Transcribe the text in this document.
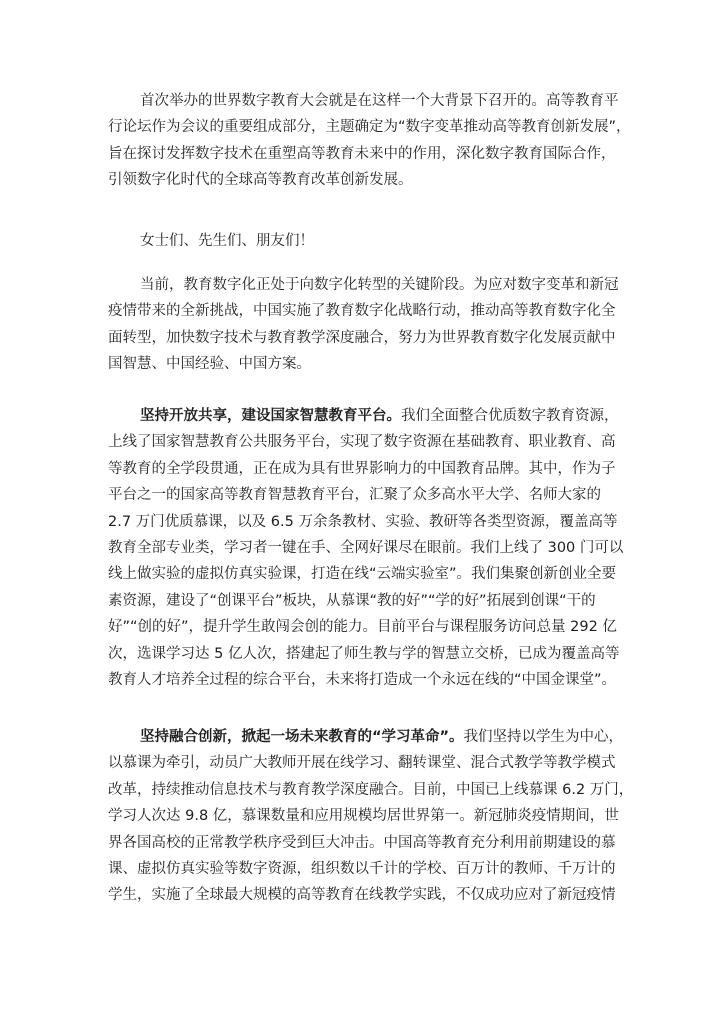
首次举办的世界数字教育大会就是在这样一个大背景下召开的。高等教育平
行论坛作为会议的重要组成部分，主题确定为“数字变革推动高等教育创新发展”，
旨在探讨发挥数字技术在重塑高等教育未来中的作用，深化数字教育国际合作，
引领数字化时代的全球高等教育改革创新发展。
女士们、先生们、朋友们！
当前，教育数字化正处于向数字化转型的关键阶段。为应对数字变革和新冠
疫情带来的全新挑战，中国实施了教育数字化战略行动，推动高等教育数字化全
面转型，加快数字技术与教育教学深度融合，努力为世界教育数字化发展贡献中
国智慧、中国经验、中国方案。
坚持开放共享，建设国家智慧教育平台。我们全面整合优质数字教育资源，
上线了国家智慧教育公共服务平台，实现了数字资源在基础教育、职业教育、高
等教育的全学段贯通，正在成为具有世界影响力的中国教育品牌。其中，作为子
平台之一的国家高等教育智慧教育平台，汇聚了众多高水平大学、名师大家的
2.7 万门优质慕课，以及 6.5 万余条教材、实验、教研等各类型资源，覆盖高等
教育全部专业类，学习者一键在手、全网好课尽在眼前。我们上线了 300 门可以
线上做实验的虚拟仿真实验课，打造在线“云端实验室”。我们集聚创新创业全要
素资源，建设了“创课平台”板块，从慕课“教的好”“学的好”拓展到创课“干的
好”“创的好”，提升学生敢闯会创的能力。目前平台与课程服务访问总量 292 亿
次，选课学习达 5 亿人次，搭建起了师生教与学的智慧立交桥，已成为覆盖高等
教育人才培养全过程的综合平台，未来将打造成一个永远在线的“中国金课堂”。
坚持融合创新，掀起一场未来教育的“学习革命”。我们坚持以学生为中心，
以慕课为牵引，动员广大教师开展在线学习、翻转课堂、混合式教学等教学模式
改革，持续推动信息技术与教育教学深度融合。目前，中国已上线慕课 6.2 万门，
学习人次达 9.8 亿，慕课数量和应用规模均居世界第一。新冠肺炎疫情期间，世
界各国高校的正常教学秩序受到巨大冲击。中国高等教育充分利用前期建设的慕
课、虚拟仿真实验等数字资源，组织数以千计的学校、百万计的教师、千万计的
学生，实施了全球最大规模的高等教育在线教学实践，不仅成功应对了新冠疫情
